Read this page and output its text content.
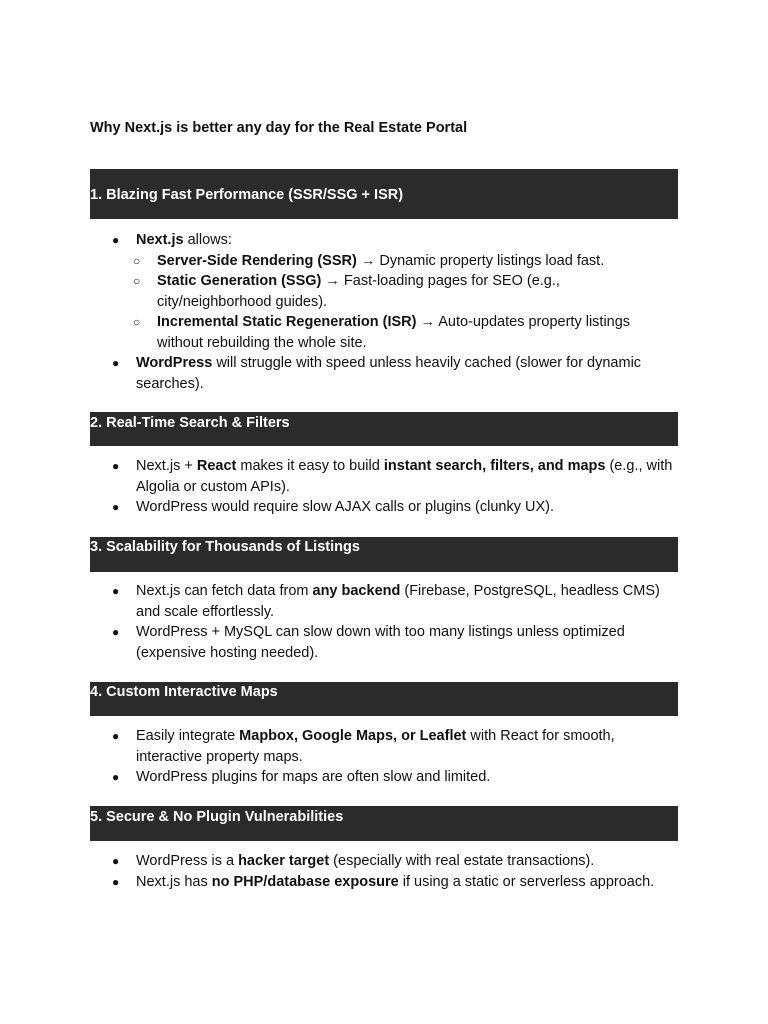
Why Next.js is better any day for the Real Estate Portal
1. Blazing Fast Performance (SSR/SSG + ISR)
●	Next.js allows:
○ Server-Side Rendering (SSR) → Dynamic property listings load fast.
○ Static Generation (SSG) → Fast-loading pages for SEO (e.g., city/neighborhood guides).
○ Incremental Static Regeneration (ISR) → Auto-updates property listings without rebuilding the whole site.
●	WordPress will struggle with speed unless heavily cached (slower for dynamic searches).
2. Real-Time Search & Filters
●	Next.js + React makes it easy to build instant search, filters, and maps (e.g., with Algolia or custom APIs).
●	WordPress would require slow AJAX calls or plugins (clunky UX).
3. Scalability for Thousands of Listings
●	Next.js can fetch data from any backend (Firebase, PostgreSQL, headless CMS) and scale effortlessly.
●	WordPress + MySQL can slow down with too many listings unless optimized (expensive hosting needed).
4. Custom Interactive Maps
●	Easily integrate Mapbox, Google Maps, or Leaflet with React for smooth, interactive property maps.
●	WordPress plugins for maps are often slow and limited.
5. Secure & No Plugin Vulnerabilities
●	WordPress is a hacker target (especially with real estate transactions).
●	Next.js has no PHP/database exposure if using a static or serverless approach.
